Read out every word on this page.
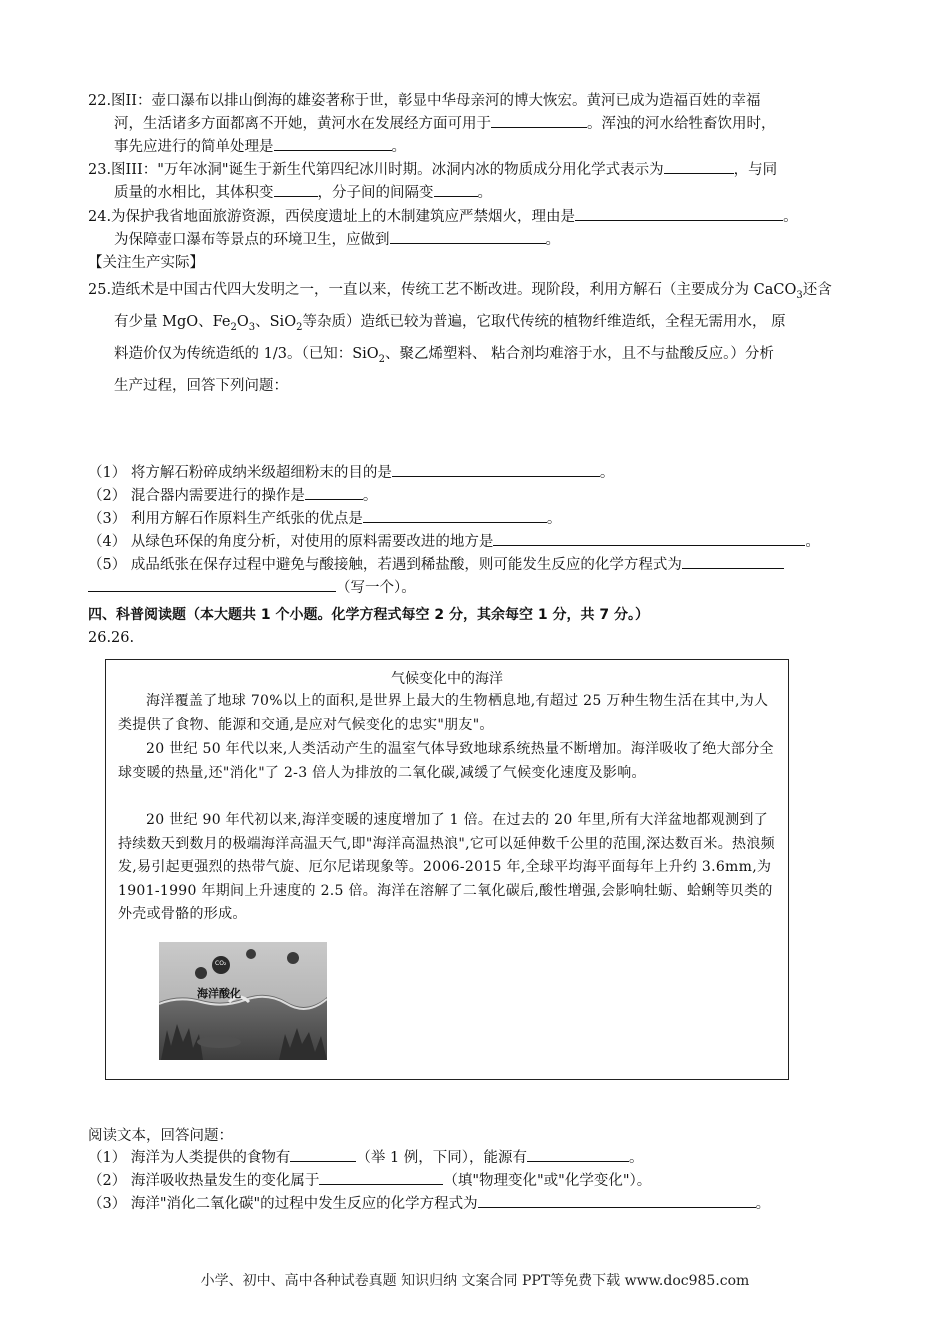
22.图II：壶口瀑布以排山倒海的雄姿著称于世，彰显中华母亲河的博大恢宏。黄河已成为造福百姓的幸福
河，生活诸多方面都离不开她，黄河水在发展经方面可用于	。浑浊的河水给牲畜饮用时，
事先应进行的简单处理是	。
23.图III："万年冰洞"诞生于新生代第四纪冰川时期。冰洞内冰的物质成分用化学式表示为	，与同
质量的水相比，其体积变	，分子间的间隔变	。
24.为保护我省地面旅游资源，西侯度遗址上的木制建筑应严禁烟火，理由是	。
为保障壶口瀑布等景点的环境卫生，应做到	。
【关注生产实际】
25.造纸术是中国古代四大发明之一，一直以来，传统工艺不断改进。现阶段，利用方解石（主要成分为 CaCO$_3$还含
有少量 MgO、$Fe_2O_3$、SiO$_2$等杂质）造纸已较为普遍，它取代传统的植物纤维造纸，全程无需用水， 原
料造价仅为传统造纸的 1/3。（已知：SiO$_2$、聚乙烯塑料、 粘合剂均难溶于水，且不与盐酸反应。）分析
生产过程，回答下列问题：
（1） 将方解石粉碎成纳米级超细粉末的目的是	。
（2） 混合器内需要进行的操作是	。
（3） 利用方解石作原料生产纸张的优点是	。
（4） 从绿色环保的角度分析，对使用的原料需要改进的地方是	。
（5） 成品纸张在保存过程中避免与酸接触，若遇到稀盐酸，则可能发生反应的化学方程式为
（写一个）。
四、科普阅读题（本大题共 1 个小题。化学方程式每空 2 分，其余每空 1 分，共 7 分。）
26.26.
气候变化中的海洋
海洋覆盖了地球 70%以上的面积,是世界上最大的生物栖息地,有超过 25 万种生物生活在其中,为人类提供了食物、能源和交通,是应对气候变化的忠实"朋友"。
20 世纪 50 年代以来,人类活动产生的温室气体导致地球系统热量不断增加。海洋吸收了绝大部分全球变暖的热量,还"消化"了 2-3 倍人为排放的二氧化碳,减缓了气候变化速度及影响。
20 世纪 90 年代初以来,海洋变暖的速度增加了 1 倍。在过去的 20 年里,所有大洋盆地都观测到了持续数天到数月的极端海洋高温天气,即"海洋高温热浪",它可以延伸数千公里的范围,深达数百米。热浪频发,易引起更强烈的热带气旋、厄尔尼诺现象等。2006-2015 年,全球平均海平面每年上升约 3.6mm,为 1901-1990 年期间上升速度的 2.5 倍。海洋在溶解了二氧化碳后,酸性增强,会影响牡蛎、蛤蜊等贝类的外壳或骨骼的形成。
CO₂
海洋酸化
阅读文本，回答问题：
（1） 海洋为人类提供的食物有	（举 1 例，下同），能源有	。
（2） 海洋吸收热量发生的变化属于	（填"物理变化"或"化学变化"）。
（3） 海洋"消化二氧化碳"的过程中发生反应的化学方程式为	。
小学、初中、高中各种试卷真题 知识归纳 文案合同 PPT等免费下载 www.doc985.com
